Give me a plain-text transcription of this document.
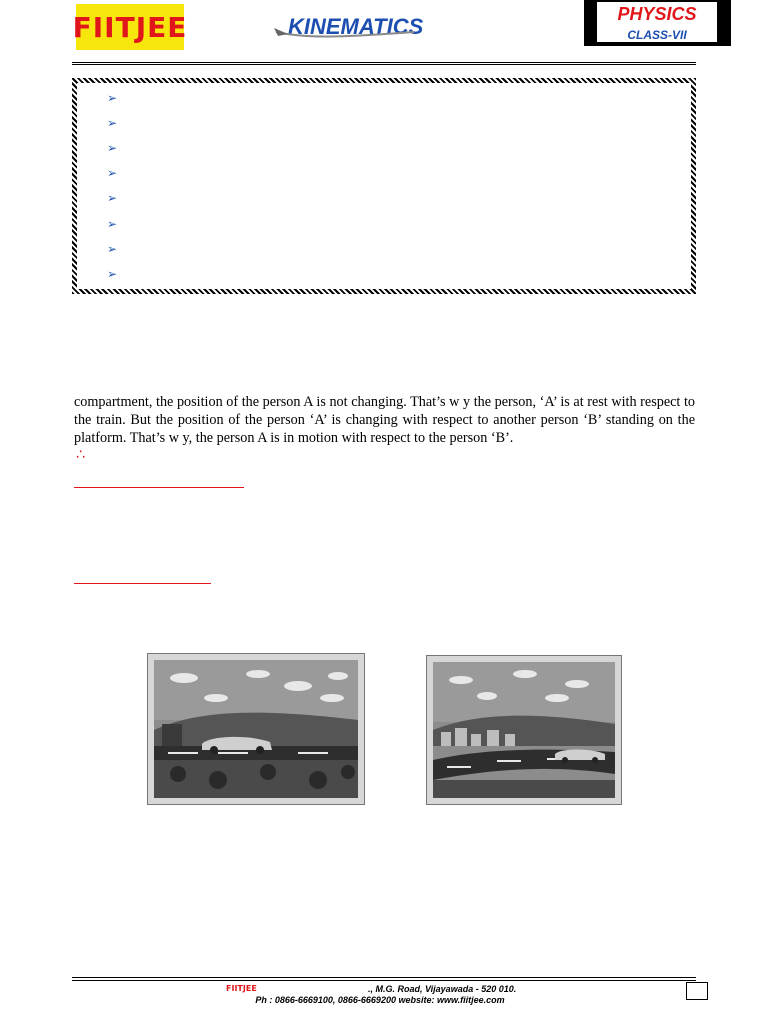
FIITJEE	KINEMATICS	PHYSICS
CLASS-VII
➢
➢
➢
➢
➢
➢
➢
➢
compartment, the position of the person A is not changing. That’s w y the person, ‘A’ is at rest with respect to the train. But the position of the person ‘A’ is changing with respect to another person ‘B’ standing on the platform. That’s w y, the person A is in motion with respect to the person ‘B’.
∴
FIITJEE	., M.G. Road, Vijayawada - 520 010.
Ph : 0866-6669100, 0866-6669200 website: www.fiitjee.com
